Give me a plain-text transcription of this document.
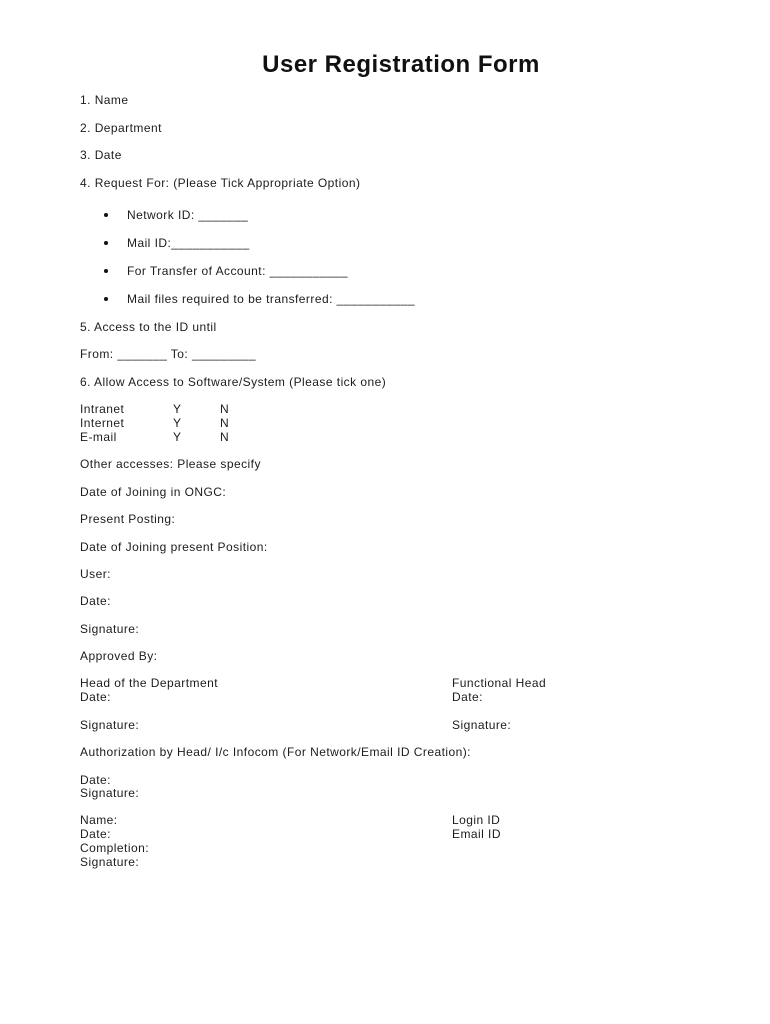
User Registration Form
1. Name
2. Department
3. Date
4. Request For: (Please Tick Appropriate Option)
Network ID: _______
Mail ID:___________
For Transfer of Account: ___________
Mail files required to be transferred: ___________
5. Access to the ID until
From: _______ To: _________
6. Allow Access to Software/System (Please tick one)
Intranet	Y	N
Internet	Y	N
E-mail	Y	N
Other accesses: Please specify
Date of Joining in ONGC:
Present Posting:
Date of Joining present Position:
User:
Date:
Signature:
Approved By:
Head of the Department	Functional Head
Date:	Date:
Signature:	Signature:
Authorization by Head/ I/c Infocom (For Network/Email ID Creation):
Date:
Signature:
Name:	Login ID
Date:	Email ID
Completion:
Signature:
